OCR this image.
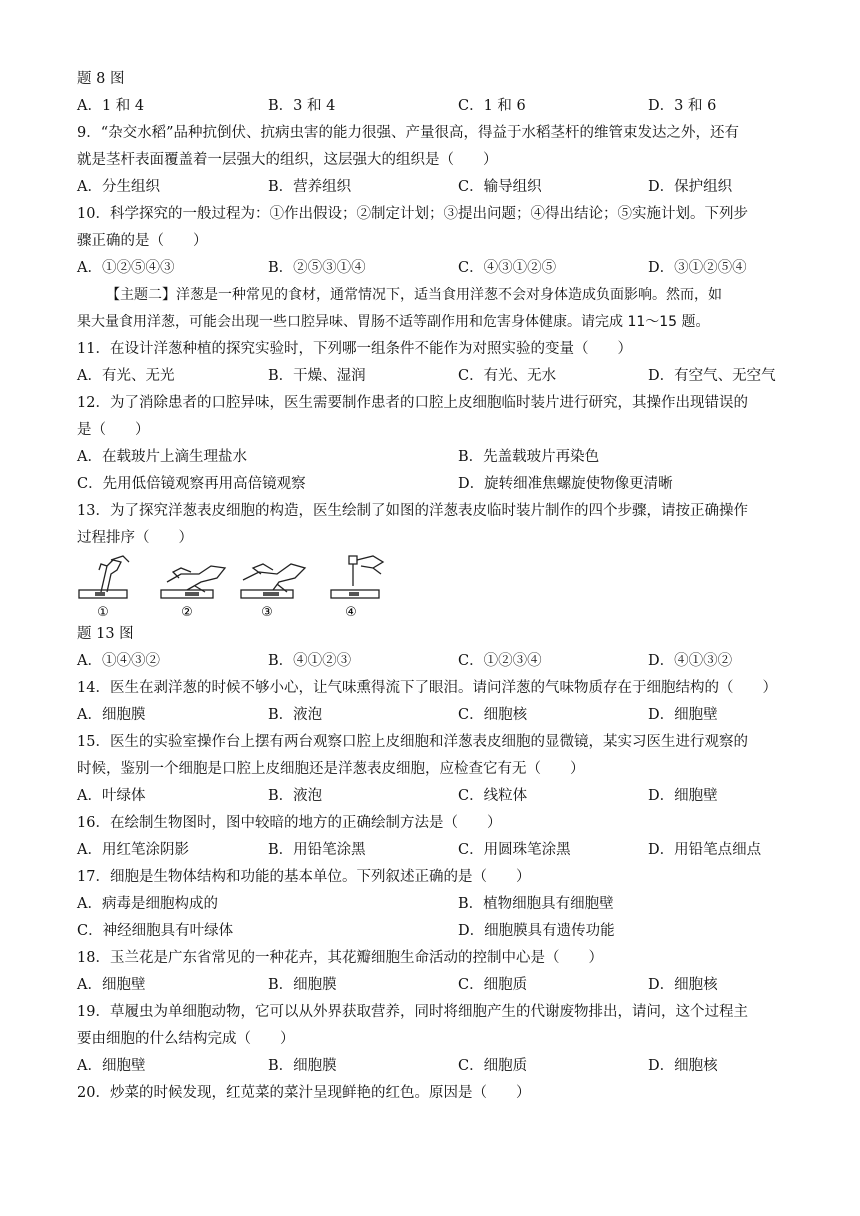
题 8 图
A．1 和 4	B．3 和 4	C．1 和 6	D．3 和 6
9．“杂交水稻”品种抗倒伏、抗病虫害的能力很强、产量很高，得益于水稻茎杆的维管束发达之外，还有
就是茎杆表面覆盖着一层强大的组织，这层强大的组织是（　　）
A．分生组织	B．营养组织	C．输导组织	D．保护组织
10．科学探究的一般过程为：①作出假设；②制定计划；③提出问题；④得出结论；⑤实施计划。下列步
骤正确的是（　　）
A．①②⑤④③	B．②⑤③①④	C．④③①②⑤	D．③①②⑤④
【主题二】洋葱是一种常见的食材，通常情况下，适当食用洋葱不会对身体造成负面影响。然而，如
果大量食用洋葱，可能会出现一些口腔异味、胃肠不适等副作用和危害身体健康。请完成 11～15 题。
11．在设计洋葱种植的探究实验时，下列哪一组条件不能作为对照实验的变量（　　）
A．有光、无光	B．干燥、湿润	C．有光、无水	D．有空气、无空气
12．为了消除患者的口腔异味，医生需要制作患者的口腔上皮细胞临时装片进行研究，其操作出现错误的
是（　　）
A．在载玻片上滴生理盐水	B．先盖载玻片再染色
C．先用低倍镜观察再用高倍镜观察	D．旋转细准焦螺旋使物像更清晰
13．为了探究洋葱表皮细胞的构造，医生绘制了如图的洋葱表皮临时装片制作的四个步骤，请按正确操作
过程排序（　　）
①	②	③	④
题 13 图
A．①④③②	B．④①②③	C．①②③④	D．④①③②
14．医生在剥洋葱的时候不够小心，让气味熏得流下了眼泪。请问洋葱的气味物质存在于细胞结构的（　　）
A．细胞膜	B．液泡	C．细胞核	D．细胞壁
15．医生的实验室操作台上摆有两台观察口腔上皮细胞和洋葱表皮细胞的显微镜，某实习医生进行观察的
时候，鉴别一个细胞是口腔上皮细胞还是洋葱表皮细胞，应检查它有无（　　）
A．叶绿体	B．液泡	C．线粒体	D．细胞壁
16．在绘制生物图时，图中较暗的地方的正确绘制方法是（　　）
A．用红笔涂阴影	B．用铅笔涂黑	C．用圆珠笔涂黑	D．用铅笔点细点
17．细胞是生物体结构和功能的基本单位。下列叙述正确的是（　　）
A．病毒是细胞构成的	B．植物细胞具有细胞壁
C．神经细胞具有叶绿体	D．细胞膜具有遗传功能
18．玉兰花是广东省常见的一种花卉，其花瓣细胞生命活动的控制中心是（　　）
A．细胞壁	B．细胞膜	C．细胞质	D．细胞核
19．草履虫为单细胞动物，它可以从外界获取营养，同时将细胞产生的代谢废物排出，请问，这个过程主
要由细胞的什么结构完成（　　）
A．细胞壁	B．细胞膜	C．细胞质	D．细胞核
20．炒菜的时候发现，红苋菜的菜汁呈现鲜艳的红色。原因是（　　）
